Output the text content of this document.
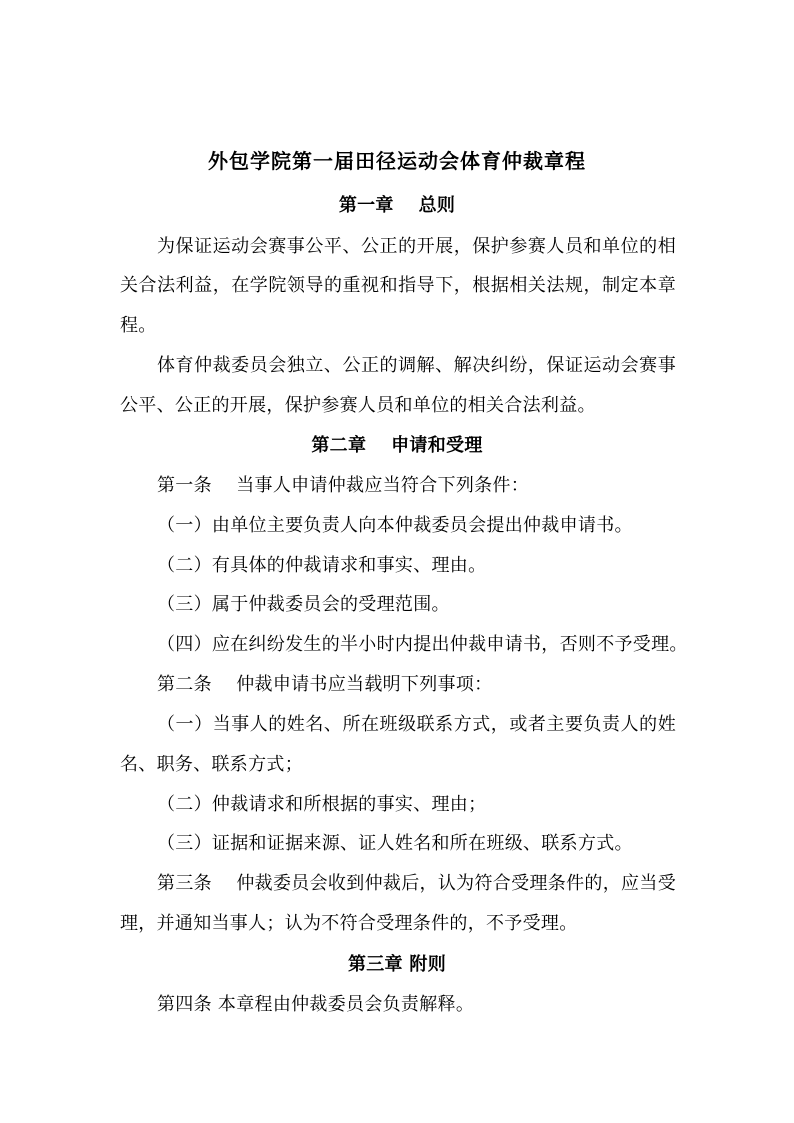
外包学院第一届田径运动会体育仲裁章程
第一章　 总则
为保证运动会赛事公平、公正的开展，保护参赛人员和单位的相
关合法利益，在学院领导的重视和指导下，根据相关法规，制定本章
程。
体育仲裁委员会独立、公正的调解、解决纠纷，保证运动会赛事
公平、公正的开展，保护参赛人员和单位的相关合法利益。
第二章　 申请和受理
第一条　 当事人申请仲裁应当符合下列条件：
（一）由单位主要负责人向本仲裁委员会提出仲裁申请书。
（二）有具体的仲裁请求和事实、理由。
（三）属于仲裁委员会的受理范围。
（四）应在纠纷发生的半小时内提出仲裁申请书，否则不予受理。
第二条　 仲裁申请书应当载明下列事项：
（一）当事人的姓名、所在班级联系方式，或者主要负责人的姓
名、职务、联系方式；
（二）仲裁请求和所根据的事实、理由；
（三）证据和证据来源、证人姓名和所在班级、联系方式。
第三条　 仲裁委员会收到仲裁后，认为符合受理条件的，应当受
理，并通知当事人；认为不符合受理条件的，不予受理。
第三章 附则
第四条 本章程由仲裁委员会负责解释。
